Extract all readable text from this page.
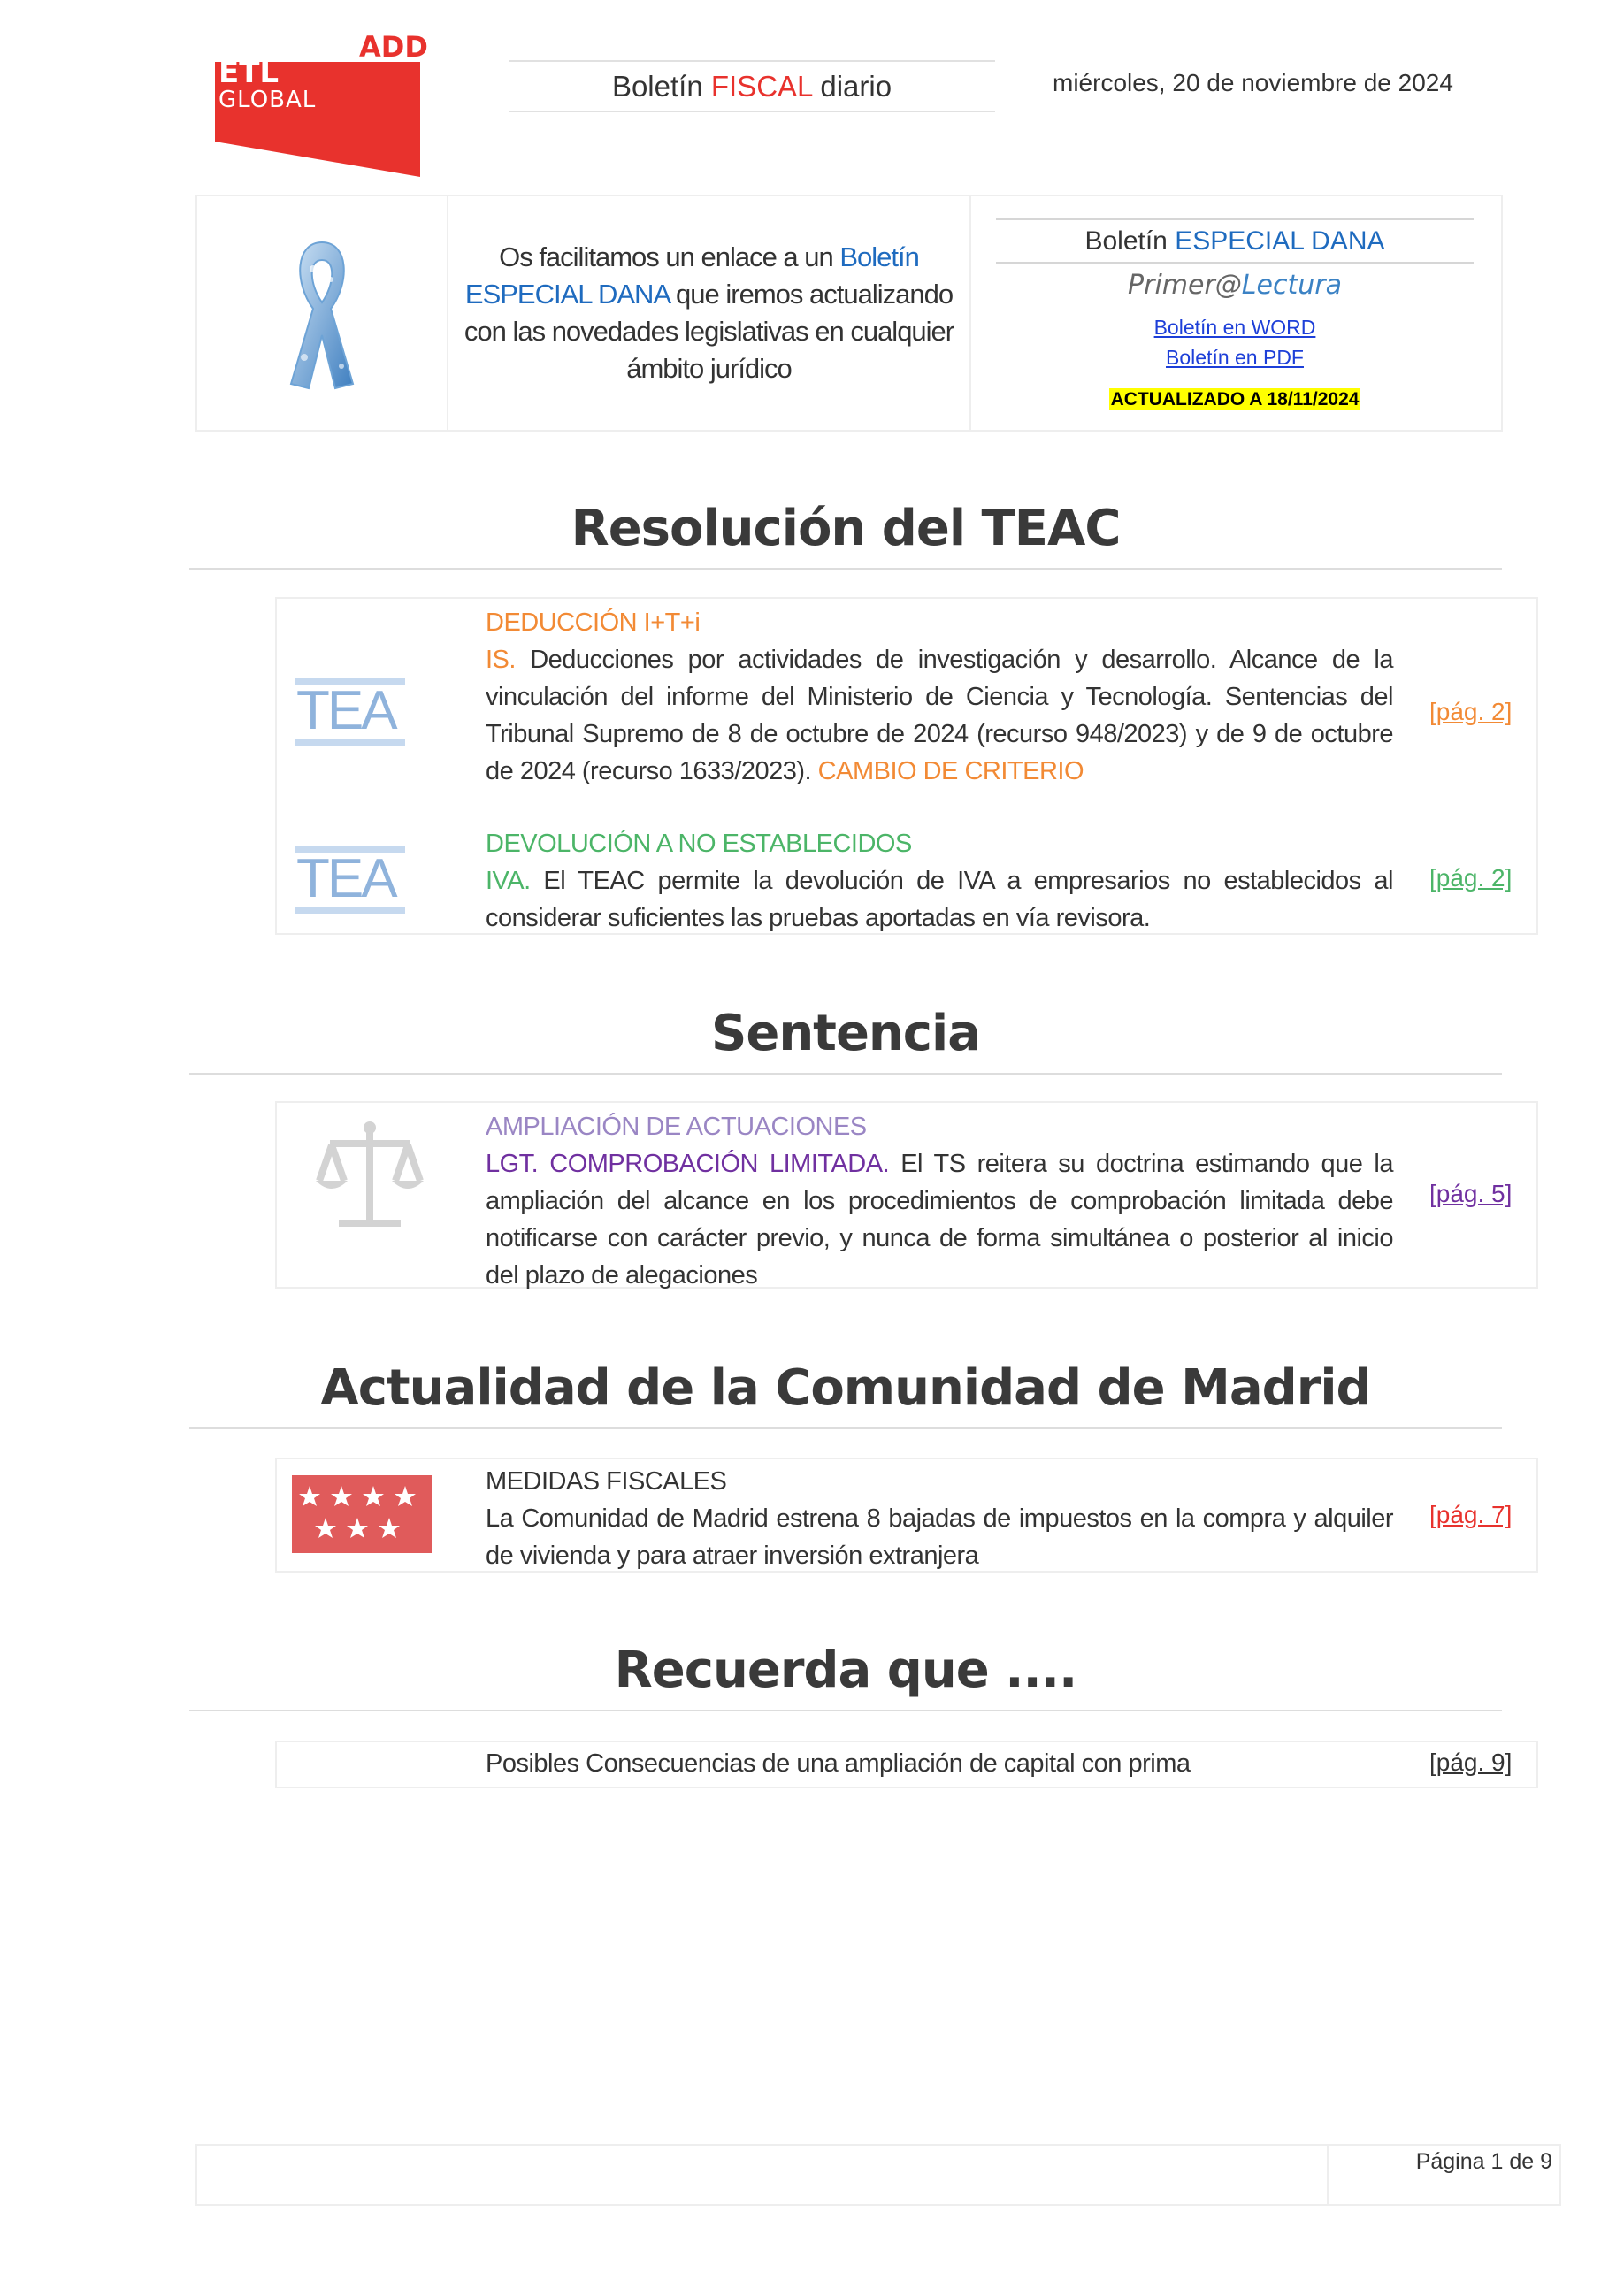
ADD
ETL
GLOBAL	Boletín FISCAL diario	miércoles, 20 de noviembre de 2024

Os facilitamos un enlace a un Boletín ESPECIAL DANA que iremos actualizando con las novedades legislativas en cualquier ámbito jurídico

Boletín ESPECIAL DANA
Primer@Lectura
Boletín en WORD
Boletín en PDF
ACTUALIZADO A 18/11/2024
Resolución del TEAC
TEA
DEDUCCIÓN I+T+i
IS. Deducciones por actividades de investigación y desarrollo. Alcance de la vinculación del informe del Ministerio de Ciencia y Tecnología. Sentencias del Tribunal Supremo de 8 de octubre de 2024 (recurso 948/2023) y de 9 de octubre de 2024 (recurso 1633/2023). CAMBIO DE CRITERIO
[pág. 2]
TEA
DEVOLUCIÓN A NO ESTABLECIDOS
IVA. El TEAC permite la devolución de IVA a empresarios no establecidos al considerar suficientes las pruebas aportadas en vía revisora.
[pág. 2]
Sentencia
AMPLIACIÓN DE ACTUACIONES
LGT. COMPROBACIÓN LIMITADA. El TS reitera su doctrina estimando que la ampliación del alcance en los procedimientos de comprobación limitada debe notificarse con carácter previo, y nunca de forma simultánea o posterior al inicio del plazo de alegaciones
[pág. 5]
Actualidad de la Comunidad de Madrid
MEDIDAS FISCALES
La Comunidad de Madrid estrena 8 bajadas de impuestos en la compra y alquiler de vivienda y para atraer inversión extranjera
[pág. 7]
Recuerda que ....
Posibles Consecuencias de una ampliación de capital con prima	[pág. 9]
Página 1 de 9
